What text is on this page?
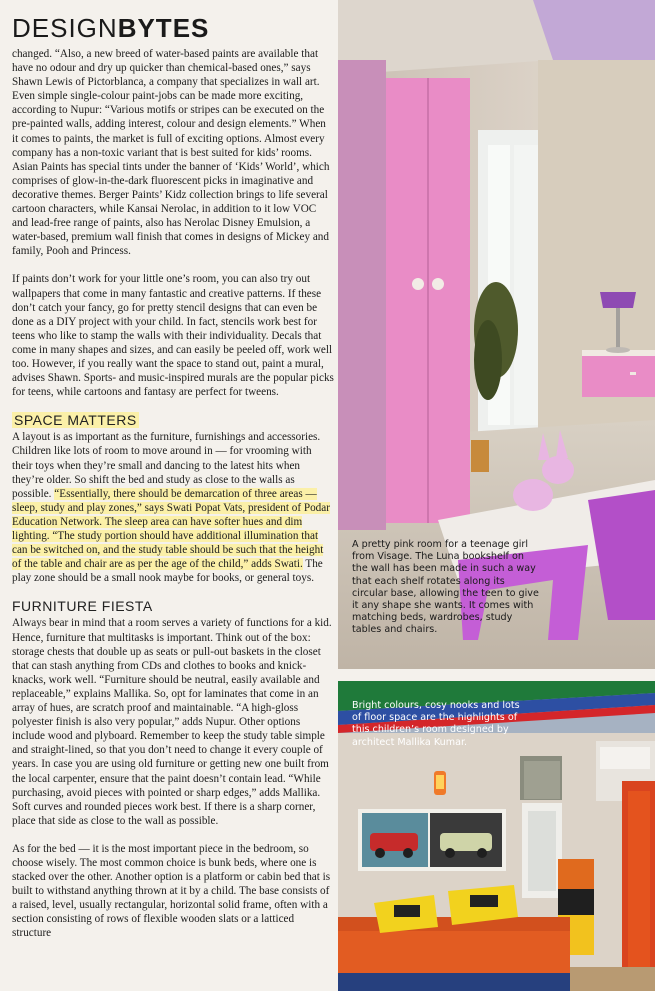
DESIGNBYTES

changed. “Also, a new breed of water-based paints are available that have no odour and dry up quicker than chemical-based ones,” says Shawn Lewis of Pictorblanca, a company that specializes in wall art. Even simple single-colour paint-jobs can be made more exciting, according to Nupur: “Various motifs or stripes can be executed on the pre-painted walls, adding interest, colour and design elements.” When it comes to paints, the market is full of exciting options. Almost every company has a non-toxic variant that is best suited for kids’ rooms. Asian Paints has special tints under the banner of ‘Kids’ World’, which comprises of glow-in-the-dark fluorescent picks in imaginative and decorative themes. Berger Paints’ Kidz collection brings to life several cartoon characters, while Kansai Nerolac, in addition to it low VOC and lead-free range of paints, also has Nerolac Disney Emulsion, a water-based, premium wall finish that comes in designs of Mickey and family, Pooh and Princess.

If paints don’t work for your little one’s room, you can also try out wallpapers that come in many fantastic and creative patterns. If these don’t catch your fancy, go for pretty stencil designs that can even be done as a DIY project with your child. In fact, stencils work best for teens who like to stamp the walls with their individuality. Decals that come in many shapes and sizes, and can easily be peeled off, work well too. However, if you really want the space to stand out, paint a mural, advises Shawn. Sports- and music-inspired murals are the popular picks for teens, while cartoons and fantasy are perfect for tweens.

SPACE MATTERS

A layout is as important as the furniture, furnishings and accessories. Children like lots of room to move around in — for vrooming with their toys when they’re small and dancing to the latest hits when they’re older. So shift the bed and study as close to the walls as possible. “Essentially, there should be demarcation of three areas — sleep, study and play zones,” says Swati Popat Vats, president of Podar Education Network. The sleep area can have softer hues and dim lighting. “The study portion should have additional illumination that can be switched on, and the study table should be such that the height of the table and chair are as per the age of the child,” adds Swati. The play zone should be a small nook maybe for books, or general toys.

FURNITURE FIESTA

Always bear in mind that a room serves a variety of functions for a kid. Hence, furniture that multitasks is important. Think out of the box: storage chests that double up as seats or pull-out baskets in the closet that can stash anything from CDs and clothes to books and knick-knacks, work well. “Furniture should be neutral, easily available and replaceable,” explains Mallika. So, opt for laminates that come in an array of hues, are scratch proof and maintainable. “A high-gloss polyester finish is also very popular,” adds Nupur. Other options include wood and plyboard. Remember to keep the study table simple and straight-lined, so that you don’t need to change it every couple of years. In case you are using old furniture or getting new one built from the local carpenter, ensure that the paint doesn’t contain lead. “While purchasing, avoid pieces with pointed or sharp edges,” adds Mallika. Soft curves and rounded pieces work best. If there is a sharp corner, place that side as close to the wall as possible.

As for the bed — it is the most important piece in the bedroom, so choose wisely. The most common choice is bunk beds, where one is stacked over the other. Another option is a platform or cabin bed that is built to withstand anything thrown at it by a child. The base consists of a raised, level, usually rectangular, horizontal solid frame, often with a section consisting of rows of flexible wooden slats or a latticed structure

A pretty pink room for a teenage girl from Visage. The Luna bookshelf on the wall has been made in such a way that each shelf rotates along its circular base, allowing the teen to give it any shape she wants. It comes with matching beds, wardrobes, study tables and chairs.
Bright colours, cosy nooks and lots of floor space are the highlights of this children’s room designed by architect Mallika Kumar.
